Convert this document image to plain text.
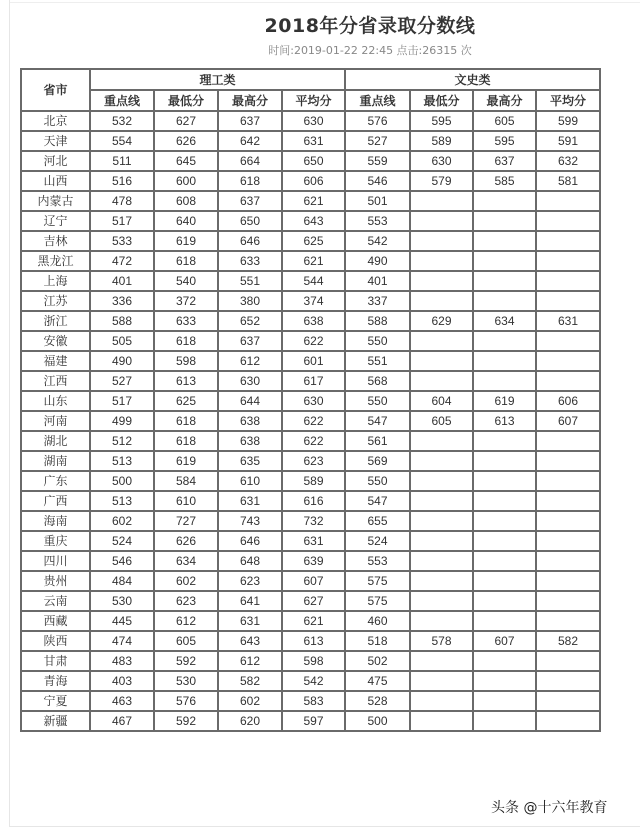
2018年分省录取分数线
时间:2019-01-22 22:45 点击:26315 次
省市	理工类				文史类			
	重点线	最低分	最高分	平均分	重点线	最低分	最高分	平均分
北京	532	627	637	630	576	595	605	599
天津	554	626	642	631	527	589	595	591
河北	511	645	664	650	559	630	637	632
山西	516	600	618	606	546	579	585	581
内蒙古	478	608	637	621	501			
辽宁	517	640	650	643	553			
吉林	533	619	646	625	542			
黑龙江	472	618	633	621	490			
上海	401	540	551	544	401			
江苏	336	372	380	374	337			
浙江	588	633	652	638	588	629	634	631
安徽	505	618	637	622	550			
福建	490	598	612	601	551			
江西	527	613	630	617	568			
山东	517	625	644	630	550	604	619	606
河南	499	618	638	622	547	605	613	607
湖北	512	618	638	622	561			
湖南	513	619	635	623	569			
广东	500	584	610	589	550			
广西	513	610	631	616	547			
海南	602	727	743	732	655			
重庆	524	626	646	631	524			
四川	546	634	648	639	553			
贵州	484	602	623	607	575			
云南	530	623	641	627	575			
西藏	445	612	631	621	460			
陕西	474	605	643	613	518	578	607	582
甘肃	483	592	612	598	502			
青海	403	530	582	542	475			
宁夏	463	576	602	583	528			
新疆	467	592	620	597	500			
头条 @十六年教育
